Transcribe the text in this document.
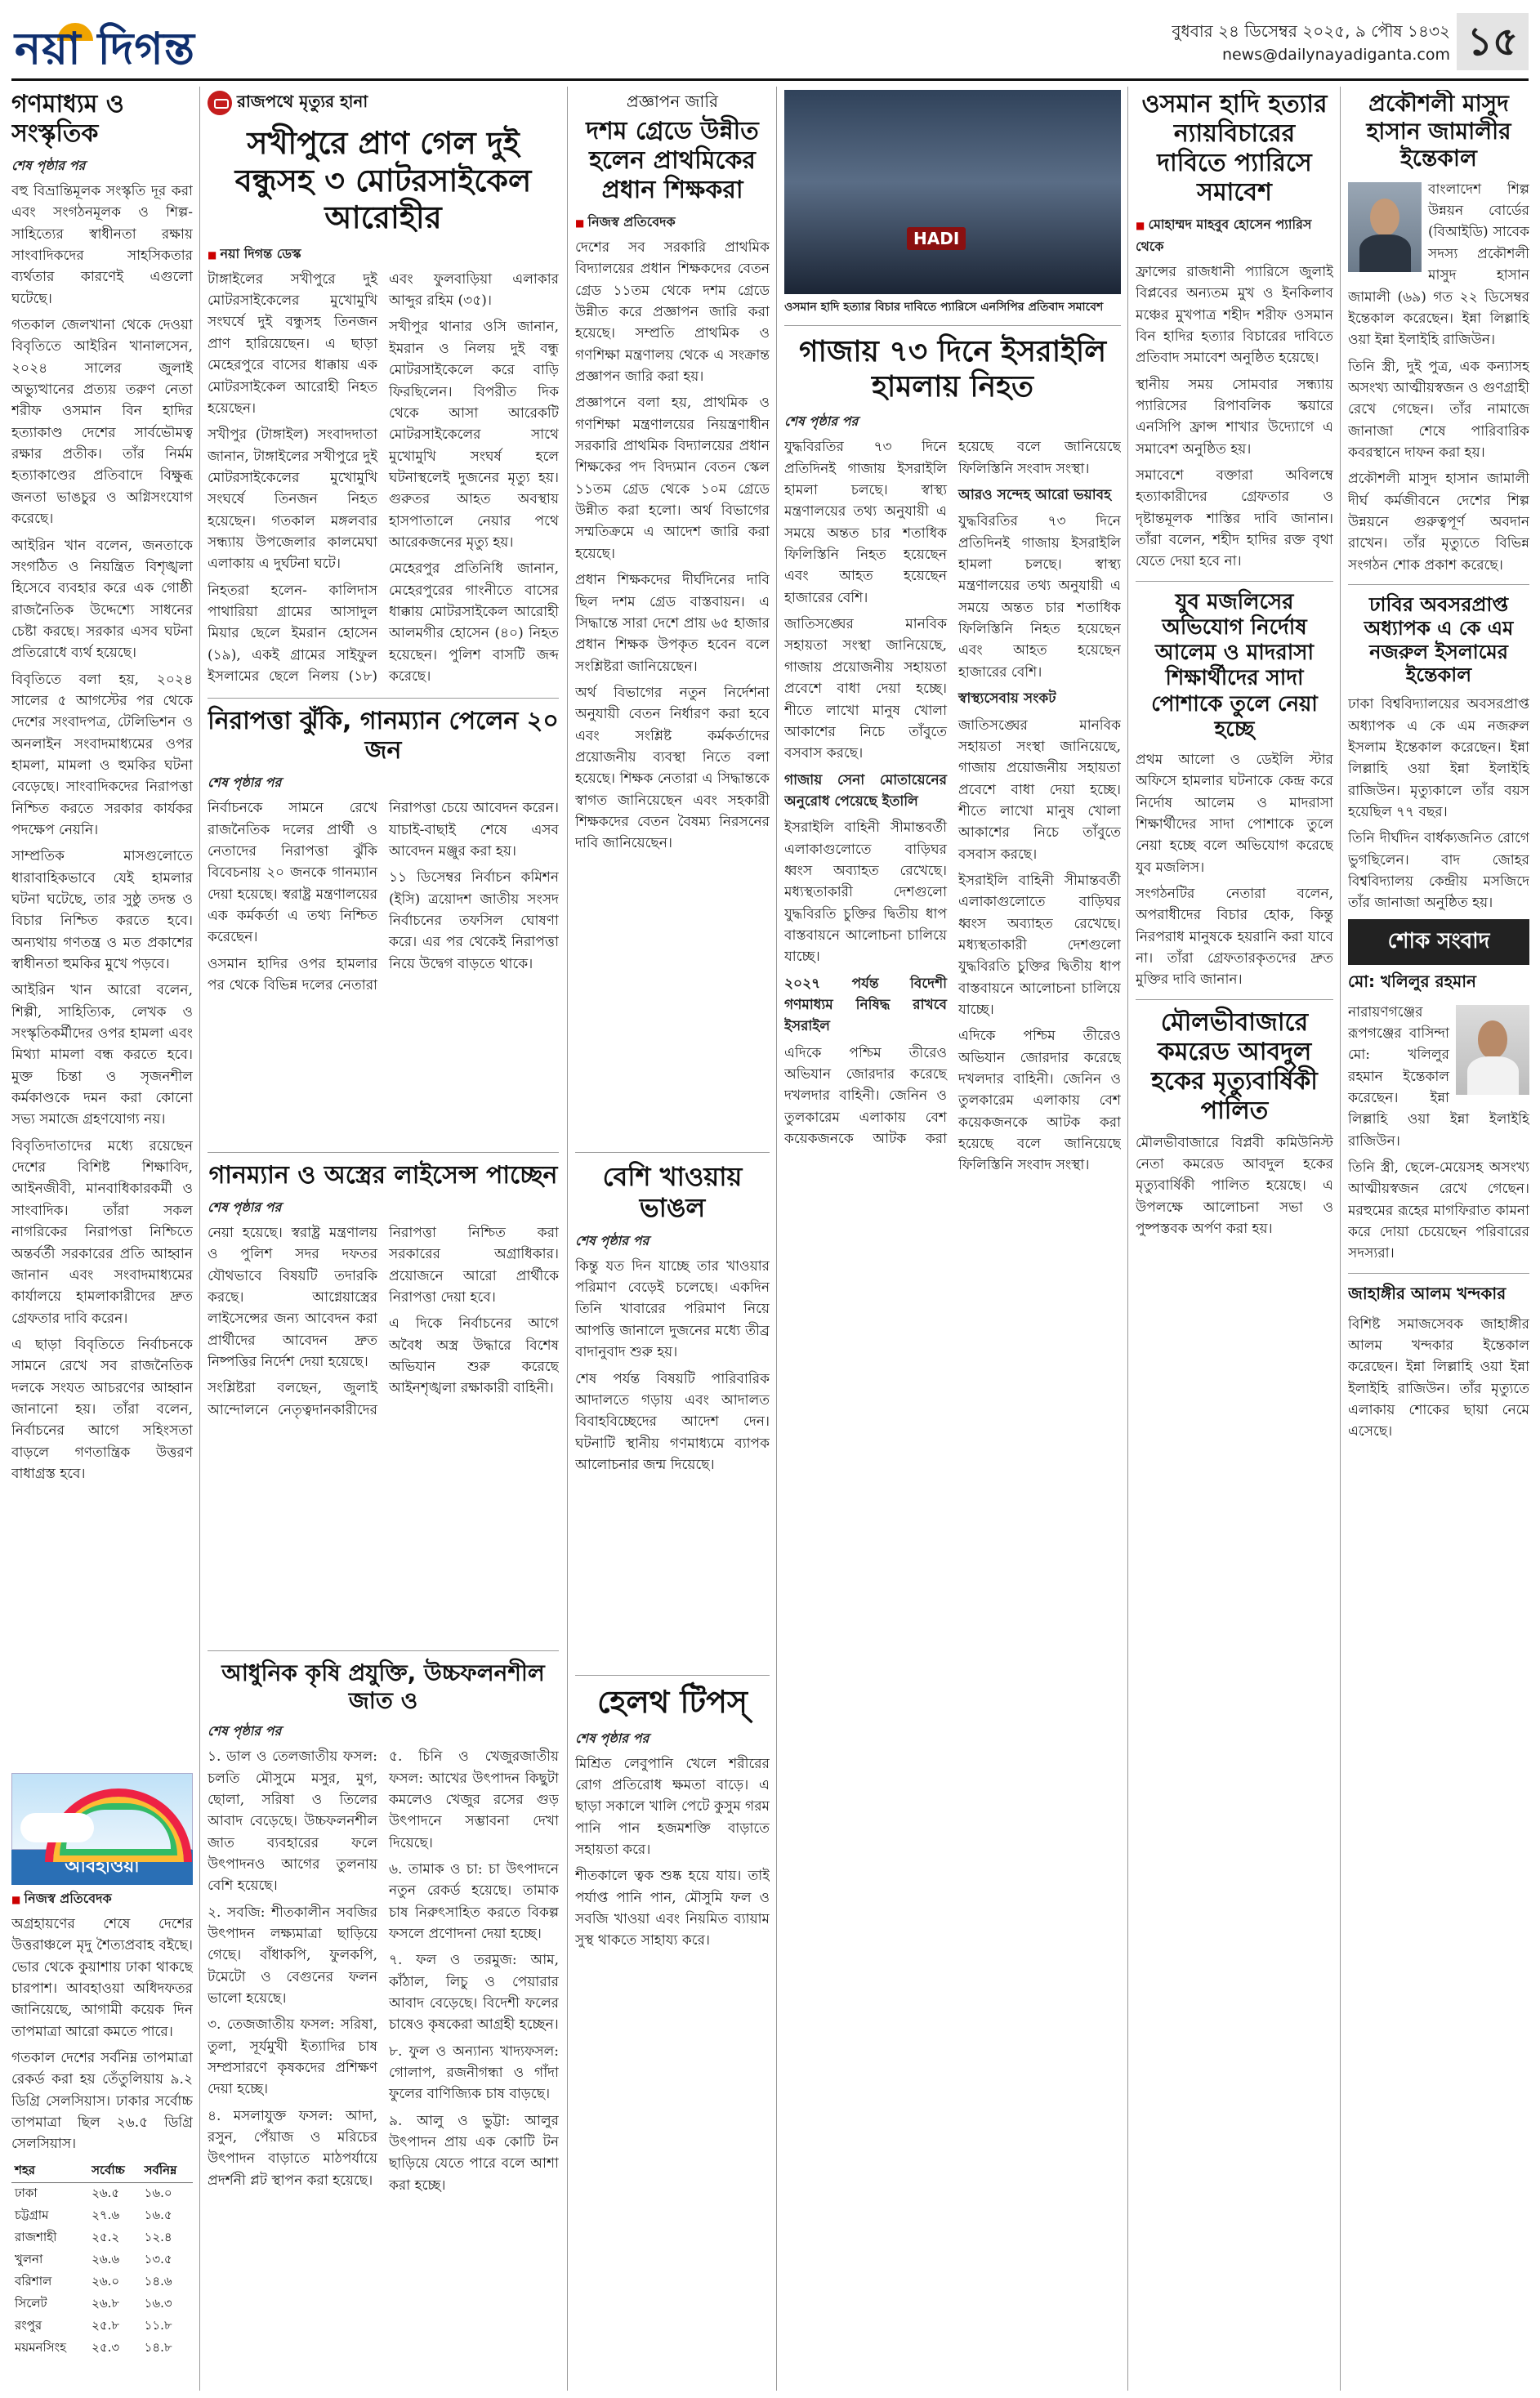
নয়া দিগন্ত	বুধবার ২৪ ডিসেম্বর ২০২৫, ৯ পৌষ ১৪৩২
news@dailynayadiganta.com ১৫
গণমাধ্যম ও সংস্কৃতিক
শেষ পৃষ্ঠার পর

বহু বিভ্রান্তিমূলক সংস্কৃতি দূর করা এবং সংগঠনমূলক ও শিল্প-সাহিত্যের স্বাধীনতা রক্ষায় সাংবাদিকদের সাহসিকতার ব্যর্থতার কারণেই এগুলো ঘটেছে।

গতকাল জেলখানা থেকে দেওয়া বিবৃতিতে আইরিন খানালসেন, ২০২৪ সালের জুলাই অভ্যুত্থানের প্রত্যয় তরুণ নেতা শরীফ ওসমান বিন হাদির হত্যাকাণ্ড দেশের সার্বভৌমত্ব রক্ষার প্রতীক। তাঁর নির্মম হত্যাকাণ্ডের প্রতিবাদে বিক্ষুব্ধ জনতা ভাঙচুর ও অগ্নিসংযোগ করেছে।

আইরিন খান বলেন, জনতাকে সংগঠিত ও নিয়ন্ত্রিত বিশৃঙ্খলা হিসেবে ব্যবহার করে এক গোষ্ঠী রাজনৈতিক উদ্দেশ্যে সাধনের চেষ্টা করছে। সরকার এসব ঘটনা প্রতিরোধে ব্যর্থ হয়েছে।

বিবৃতিতে বলা হয়, ২০২৪ সালের ৫ আগস্টের পর থেকে দেশের সংবাদপত্র, টেলিভিশন ও অনলাইন সংবাদমাধ্যমের ওপর হামলা, মামলা ও হুমকির ঘটনা বেড়েছে। সাংবাদিকদের নিরাপত্তা নিশ্চিত করতে সরকার কার্যকর পদক্ষেপ নেয়নি।

সাম্প্রতিক মাসগুলোতে ধারাবাহিকভাবে যেই হামলার ঘটনা ঘটেছে, তার সুষ্ঠু তদন্ত ও বিচার নিশ্চিত করতে হবে। অন্যথায় গণতন্ত্র ও মত প্রকাশের স্বাধীনতা হুমকির মুখে পড়বে।

আইরিন খান আরো বলেন, শিল্পী, সাহিত্যিক, লেখক ও সংস্কৃতিকর্মীদের ওপর হামলা এবং মিথ্যা মামলা বন্ধ করতে হবে। মুক্ত চিন্তা ও সৃজনশীল কর্মকাণ্ডকে দমন করা কোনো সভ্য সমাজে গ্রহণযোগ্য নয়।

বিবৃতিদাতাদের মধ্যে রয়েছেন দেশের বিশিষ্ট শিক্ষাবিদ, আইনজীবী, মানবাধিকারকর্মী ও সাংবাদিক। তাঁরা সকল নাগরিকের নিরাপত্তা নিশ্চিতে অন্তর্বর্তী সরকারের প্রতি আহ্বান জানান এবং সংবাদমাধ্যমের কার্যালয়ে হামলাকারীদের দ্রুত গ্রেফতার দাবি করেন।

এ ছাড়া বিবৃতিতে নির্বাচনকে সামনে রেখে সব রাজনৈতিক দলকে সংযত আচরণের আহ্বান জানানো হয়। তাঁরা বলেন, নির্বাচনের আগে সহিংসতা বাড়লে গণতান্ত্রিক উত্তরণ বাধাগ্রস্ত হবে।

আবহাওয়া
■ নিজস্ব প্রতিবেদক

অগ্রহায়ণের শেষে দেশের উত্তরাঞ্চলে মৃদু শৈত্যপ্রবাহ বইছে। ভোর থেকে কুয়াশায় ঢাকা থাকছে চারপাশ। আবহাওয়া অধিদফতর জানিয়েছে, আগামী কয়েক দিন তাপমাত্রা আরো কমতে পারে।

গতকাল দেশের সর্বনিম্ন তাপমাত্রা রেকর্ড করা হয় তেঁতুলিয়ায় ৯.২ ডিগ্রি সেলসিয়াস। ঢাকার সর্বোচ্চ তাপমাত্রা ছিল ২৬.৫ ডিগ্রি সেলসিয়াস।

শহর	সর্বোচ্চ	সর্বনিম্ন
ঢাকা	২৬.৫	১৬.০
চট্টগ্রাম	২৭.৬	১৬.৫
রাজশাহী	২৫.২	১২.৪
খুলনা	২৬.৬	১৩.৫
বরিশাল	২৬.০	১৪.৬
সিলেট	২৬.৮	১৬.৩
রংপুর	২৫.৮	১১.৮
ময়মনসিংহ	২৫.৩	১৪.৮
রাজপথে মৃত্যুর হানা
সখীপুরে প্রাণ গেল দুই বন্ধুসহ ৩ মোটরসাইকেল আরোহীর
■ নয়া দিগন্ত ডেস্ক

টাঙ্গাইলের সখীপুরে দুই মোটরসাইকেলের মুখোমুখি সংঘর্ষে দুই বন্ধুসহ তিনজন প্রাণ হারিয়েছেন। এ ছাড়া মেহেরপুরে বাসের ধাক্কায় এক মোটরসাইকেল আরোহী নিহত হয়েছেন।

সখীপুর (টাঙ্গাইল) সংবাদদাতা জানান, টাঙ্গাইলের সখীপুরে দুই মোটরসাইকেলের মুখোমুখি সংঘর্ষে তিনজন নিহত হয়েছেন। গতকাল মঙ্গলবার সন্ধ্যায় উপজেলার কালমেঘা এলাকায় এ দুর্ঘটনা ঘটে।

নিহতরা হলেন- কালিদাস পাথারিয়া গ্রামের আসাদুল মিয়ার ছেলে ইমরান হোসেন (১৯), একই গ্রামের সাইফুল ইসলামের ছেলে নিলয় (১৮) এবং ফুলবাড়িয়া এলাকার আব্দুর রহিম (৩৫)।

সখীপুর থানার ওসি জানান, ইমরান ও নিলয় দুই বন্ধু মোটরসাইকেলে করে বাড়ি ফিরছিলেন। বিপরীত দিক থেকে আসা আরেকটি মোটরসাইকেলের সাথে মুখোমুখি সংঘর্ষ হলে ঘটনাস্থলেই দুজনের মৃত্যু হয়। গুরুতর আহত অবস্থায় হাসপাতালে নেয়ার পথে আরেকজনের মৃত্যু হয়।

মেহেরপুর প্রতিনিধি জানান, মেহেরপুরের গাংনীতে বাসের ধাক্কায় মোটরসাইকেল আরোহী আলমগীর হোসেন (৪০) নিহত হয়েছেন। পুলিশ বাসটি জব্দ করেছে।

নিরাপত্তা ঝুঁকি, গানম্যান পেলেন ২০ জন
শেষ পৃষ্ঠার পর

নির্বাচনকে সামনে রেখে রাজনৈতিক দলের প্রার্থী ও নেতাদের নিরাপত্তা ঝুঁকি বিবেচনায় ২০ জনকে গানম্যান দেয়া হয়েছে। স্বরাষ্ট্র মন্ত্রণালয়ের এক কর্মকর্তা এ তথ্য নিশ্চিত করেছেন।

ওসমান হাদির ওপর হামলার পর থেকে বিভিন্ন দলের নেতারা নিরাপত্তা চেয়ে আবেদন করেন। যাচাই-বাছাই শেষে এসব আবেদন মঞ্জুর করা হয়।

১১ ডিসেম্বর নির্বাচন কমিশন (ইসি) ত্রয়োদশ জাতীয় সংসদ নির্বাচনের তফসিল ঘোষণা করে। এর পর থেকেই নিরাপত্তা নিয়ে উদ্বেগ বাড়তে থাকে।

গানম্যান ও অস্ত্রের লাইসেন্স পাচ্ছেন
শেষ পৃষ্ঠার পর

নেয়া হয়েছে। স্বরাষ্ট্র মন্ত্রণালয় ও পুলিশ সদর দফতর যৌথভাবে বিষয়টি তদারকি করছে। আগ্নেয়াস্ত্রের লাইসেন্সের জন্য আবেদন করা প্রার্থীদের আবেদন দ্রুত নিষ্পত্তির নির্দেশ দেয়া হয়েছে।

সংশ্লিষ্টরা বলছেন, জুলাই আন্দোলনে নেতৃত্বদানকারীদের নিরাপত্তা নিশ্চিত করা সরকারের অগ্রাধিকার। প্রয়োজনে আরো প্রার্থীকে নিরাপত্তা দেয়া হবে।

এ দিকে নির্বাচনের আগে অবৈধ অস্ত্র উদ্ধারে বিশেষ অভিযান শুরু করেছে আইনশৃঙ্খলা রক্ষাকারী বাহিনী।

আধুনিক কৃষি প্রযুক্তি, উচ্চফলনশীল জাত ও
শেষ পৃষ্ঠার পর

১. ডাল ও তেলজাতীয় ফসল: চলতি মৌসুমে মসুর, মুগ, ছোলা, সরিষা ও তিলের আবাদ বেড়েছে। উচ্চফলনশীল জাত ব্যবহারের ফলে উৎপাদনও আগের তুলনায় বেশি হয়েছে।

২. সবজি: শীতকালীন সবজির উৎপাদন লক্ষ্যমাত্রা ছাড়িয়ে গেছে। বাঁধাকপি, ফুলকপি, টমেটো ও বেগুনের ফলন ভালো হয়েছে।

৩. তেজজাতীয় ফসল: সরিষা, তুলা, সূর্যমুখী ইত্যাদির চাষ সম্প্রসারণে কৃষকদের প্রশিক্ষণ দেয়া হচ্ছে।

৪. মসলাযুক্ত ফসল: আদা, রসুন, পেঁয়াজ ও মরিচের উৎপাদন বাড়াতে মাঠপর্যায়ে প্রদর্শনী প্লট স্থাপন করা হয়েছে।

৫. চিনি ও খেজুরজাতীয় ফসল: আখের উৎপাদন কিছুটা কমলেও খেজুর রসের গুড় উৎপাদনে সম্ভাবনা দেখা দিয়েছে।

৬. তামাক ও চা: চা উৎপাদনে নতুন রেকর্ড হয়েছে। তামাক চাষ নিরুৎসাহিত করতে বিকল্প ফসলে প্রণোদনা দেয়া হচ্ছে।

৭. ফল ও তরমুজ: আম, কাঁঠাল, লিচু ও পেয়ারার আবাদ বেড়েছে। বিদেশী ফলের চাষেও কৃষকেরা আগ্রহী হচ্ছেন।

৮. ফুল ও অন্যান্য খাদ্যফসল: গোলাপ, রজনীগন্ধা ও গাঁদা ফুলের বাণিজ্যিক চাষ বাড়ছে।

৯. আলু ও ভুট্টা: আলুর উৎপাদন প্রায় এক কোটি টন ছাড়িয়ে যেতে পারে বলে আশা করা হচ্ছে।

প্রজ্ঞাপন জারি
দশম গ্রেডে উন্নীত হলেন প্রাথমিকের প্রধান শিক্ষকরা
■ নিজস্ব প্রতিবেদক

দেশের সব সরকারি প্রাথমিক বিদ্যালয়ের প্রধান শিক্ষকদের বেতন গ্রেড ১১তম থেকে দশম গ্রেডে উন্নীত করে প্রজ্ঞাপন জারি করা হয়েছে। সম্প্রতি প্রাথমিক ও গণশিক্ষা মন্ত্রণালয় থেকে এ সংক্রান্ত প্রজ্ঞাপন জারি করা হয়।

প্রজ্ঞাপনে বলা হয়, প্রাথমিক ও গণশিক্ষা মন্ত্রণালয়ের নিয়ন্ত্রণাধীন সরকারি প্রাথমিক বিদ্যালয়ের প্রধান শিক্ষকের পদ বিদ্যমান বেতন স্কেল ১১তম গ্রেড থেকে ১০ম গ্রেডে উন্নীত করা হলো। অর্থ বিভাগের সম্মতিক্রমে এ আদেশ জারি করা হয়েছে।

প্রধান শিক্ষকদের দীর্ঘদিনের দাবি ছিল দশম গ্রেড বাস্তবায়ন। এ সিদ্ধান্তে সারা দেশে প্রায় ৬৫ হাজার প্রধান শিক্ষক উপকৃত হবেন বলে সংশ্লিষ্টরা জানিয়েছেন।

অর্থ বিভাগের নতুন নির্দেশনা অনুযায়ী বেতন নির্ধারণ করা হবে এবং সংশ্লিষ্ট কর্মকর্তাদের প্রয়োজনীয় ব্যবস্থা নিতে বলা হয়েছে। শিক্ষক নেতারা এ সিদ্ধান্তকে স্বাগত জানিয়েছেন এবং সহকারী শিক্ষকদের বেতন বৈষম্য নিরসনের দাবি জানিয়েছেন।

বেশি খাওয়ায় ভাঙল
শেষ পৃষ্ঠার পর

কিন্তু যত দিন যাচ্ছে তার খাওয়ার পরিমাণ বেড়েই চলেছে। একদিন তিনি খাবারের পরিমাণ নিয়ে আপত্তি জানালে দুজনের মধ্যে তীব্র বাদানুবাদ শুরু হয়।

শেষ পর্যন্ত বিষয়টি পারিবারিক আদালতে গড়ায় এবং আদালত বিবাহবিচ্ছেদের আদেশ দেন। ঘটনাটি স্থানীয় গণমাধ্যমে ব্যাপক আলোচনার জন্ম দিয়েছে।

হেলথ টিপস্
শেষ পৃষ্ঠার পর

মিশ্রিত লেবুপানি খেলে শরীরের রোগ প্রতিরোধ ক্ষমতা বাড়ে। এ ছাড়া সকালে খালি পেটে কুসুম গরম পানি পান হজমশক্তি বাড়াতে সহায়তা করে।

শীতকালে ত্বক শুষ্ক হয়ে যায়। তাই পর্যাপ্ত পানি পান, মৌসুমি ফল ও সবজি খাওয়া এবং নিয়মিত ব্যায়াম সুস্থ থাকতে সাহায্য করে।

HADI
ওসমান হাদি হত্যার বিচার দাবিতে প্যারিসে এনসিপির প্রতিবাদ সমাবেশ
গাজায় ৭৩ দিনে ইসরাইলি হামলায় নিহত
শেষ পৃষ্ঠার পর

যুদ্ধবিরতির ৭৩ দিনে প্রতিদিনই গাজায় ইসরাইলি হামলা চলছে। স্বাস্থ্য মন্ত্রণালয়ের তথ্য অনুযায়ী এ সময়ে অন্তত চার শতাধিক ফিলিস্তিনি নিহত হয়েছেন এবং আহত হয়েছেন হাজারের বেশি।

জাতিসঙ্ঘের মানবিক সহায়তা সংস্থা জানিয়েছে, গাজায় প্রয়োজনীয় সহায়তা প্রবেশে বাধা দেয়া হচ্ছে। শীতে লাখো মানুষ খোলা আকাশের নিচে তাঁবুতে বসবাস করছে।

গাজায় সেনা মোতায়েনের অনুরোধ পেয়েছে ইতালি

ইসরাইলি বাহিনী সীমান্তবর্তী এলাকাগুলোতে বাড়িঘর ধ্বংস অব্যাহত রেখেছে। মধ্যস্থতাকারী দেশগুলো যুদ্ধবিরতি চুক্তির দ্বিতীয় ধাপ বাস্তবায়নে আলোচনা চালিয়ে যাচ্ছে।

২০২৭ পর্যন্ত বিদেশী গণমাধ্যম নিষিদ্ধ রাখবে ইসরাইল

এদিকে পশ্চিম তীরেও অভিযান জোরদার করেছে দখলদার বাহিনী। জেনিন ও তুলকারেম এলাকায় বেশ কয়েকজনকে আটক করা হয়েছে বলে জানিয়েছে ফিলিস্তিনি সংবাদ সংস্থা।

আরও সন্দেহ আরো ভয়াবহ

যুদ্ধবিরতির ৭৩ দিনে প্রতিদিনই গাজায় ইসরাইলি হামলা চলছে। স্বাস্থ্য মন্ত্রণালয়ের তথ্য অনুযায়ী এ সময়ে অন্তত চার শতাধিক ফিলিস্তিনি নিহত হয়েছেন এবং আহত হয়েছেন হাজারের বেশি।

স্বাস্থ্যসেবায় সংকট

জাতিসঙ্ঘের মানবিক সহায়তা সংস্থা জানিয়েছে, গাজায় প্রয়োজনীয় সহায়তা প্রবেশে বাধা দেয়া হচ্ছে। শীতে লাখো মানুষ খোলা আকাশের নিচে তাঁবুতে বসবাস করছে।

ইসরাইলি বাহিনী সীমান্তবর্তী এলাকাগুলোতে বাড়িঘর ধ্বংস অব্যাহত রেখেছে। মধ্যস্থতাকারী দেশগুলো যুদ্ধবিরতি চুক্তির দ্বিতীয় ধাপ বাস্তবায়নে আলোচনা চালিয়ে যাচ্ছে।

এদিকে পশ্চিম তীরেও অভিযান জোরদার করেছে দখলদার বাহিনী। জেনিন ও তুলকারেম এলাকায় বেশ কয়েকজনকে আটক করা হয়েছে বলে জানিয়েছে ফিলিস্তিনি সংবাদ সংস্থা।

ওসমান হাদি হত্যার ন্যায়বিচারের দাবিতে প্যারিসে সমাবেশ
■ মোহাম্মদ মাহবুব হোসেন প্যারিস থেকে

ফ্রান্সের রাজধানী প্যারিসে জুলাই বিপ্লবের অন্যতম মুখ ও ইনকিলাব মঞ্চের মুখপাত্র শহীদ শরীফ ওসমান বিন হাদির হত্যার বিচারের দাবিতে প্রতিবাদ সমাবেশ অনুষ্ঠিত হয়েছে।

স্থানীয় সময় সোমবার সন্ধ্যায় প্যারিসের রিপাবলিক স্কয়ারে এনসিপি ফ্রান্স শাখার উদ্যোগে এ সমাবেশ অনুষ্ঠিত হয়।

সমাবেশে বক্তারা অবিলম্বে হত্যাকারীদের গ্রেফতার ও দৃষ্টান্তমূলক শাস্তির দাবি জানান। তাঁরা বলেন, শহীদ হাদির রক্ত বৃথা যেতে দেয়া হবে না।

যুব মজলিসের অভিযোগ নির্দোষ আলেম ও মাদরাসা শিক্ষার্থীদের সাদা পোশাকে তুলে নেয়া হচ্ছে

প্রথম আলো ও ডেইলি স্টার অফিসে হামলার ঘটনাকে কেন্দ্র করে নির্দোষ আলেম ও মাদরাসা শিক্ষার্থীদের সাদা পোশাকে তুলে নেয়া হচ্ছে বলে অভিযোগ করেছে যুব মজলিস।

সংগঠনটির নেতারা বলেন, অপরাধীদের বিচার হোক, কিন্তু নিরপরাধ মানুষকে হয়রানি করা যাবে না। তাঁরা গ্রেফতারকৃতদের দ্রুত মুক্তির দাবি জানান।

মৌলভীবাজারে কমরেড আবদুল হকের মৃত্যুবার্ষিকী পালিত

মৌলভীবাজারে বিপ্লবী কমিউনিস্ট নেতা কমরেড আবদুল হকের মৃত্যুবার্ষিকী পালিত হয়েছে। এ উপলক্ষে আলোচনা সভা ও পুষ্পস্তবক অর্পণ করা হয়।

প্রকৌশলী মাসুদ হাসান জামালীর ইন্তেকাল

বাংলাদেশ শিল্প উন্নয়ন বোর্ডের (বিআইডি) সাবেক সদস্য প্রকৌশলী মাসুদ হাসান জামালী (৬৯) গত ২২ ডিসেম্বর ইন্তেকাল করেছেন। ইন্না লিল্লাহি ওয়া ইন্না ইলাইহি রাজিউন।

তিনি স্ত্রী, দুই পুত্র, এক কন্যাসহ অসংখ্য আত্মীয়স্বজন ও গুণগ্রাহী রেখে গেছেন। তাঁর নামাজে জানাজা শেষে পারিবারিক কবরস্থানে দাফন করা হয়।

প্রকৌশলী মাসুদ হাসান জামালী দীর্ঘ কর্মজীবনে দেশের শিল্প উন্নয়নে গুরুত্বপূর্ণ অবদান রাখেন। তাঁর মৃত্যুতে বিভিন্ন সংগঠন শোক প্রকাশ করেছে।

ঢাবির অবসরপ্রাপ্ত অধ্যাপক এ কে এম নজরুল ইসলামের ইন্তেকাল

ঢাকা বিশ্ববিদ্যালয়ের অবসরপ্রাপ্ত অধ্যাপক এ কে এম নজরুল ইসলাম ইন্তেকাল করেছেন। ইন্না লিল্লাহি ওয়া ইন্না ইলাইহি রাজিউন। মৃত্যুকালে তাঁর বয়স হয়েছিল ৭৭ বছর।

তিনি দীর্ঘদিন বার্ধক্যজনিত রোগে ভুগছিলেন। বাদ জোহর বিশ্ববিদ্যালয় কেন্দ্রীয় মসজিদে তাঁর জানাজা অনুষ্ঠিত হয়।

শোক সংবাদ
মো: খলিলুর রহমান

নারায়ণগঞ্জের রূপগঞ্জের বাসিন্দা মো: খলিলুর রহমান ইন্তেকাল করেছেন। ইন্না লিল্লাহি ওয়া ইন্না ইলাইহি রাজিউন।

তিনি স্ত্রী, ছেলে-মেয়েসহ অসংখ্য আত্মীয়স্বজন রেখে গেছেন। মরহুমের রূহের মাগফিরাত কামনা করে দোয়া চেয়েছেন পরিবারের সদস্যরা।

জাহাঙ্গীর আলম খন্দকার

বিশিষ্ট সমাজসেবক জাহাঙ্গীর আলম খন্দকার ইন্তেকাল করেছেন। ইন্না লিল্লাহি ওয়া ইন্না ইলাইহি রাজিউন। তাঁর মৃত্যুতে এলাকায় শোকের ছায়া নেমে এসেছে।
